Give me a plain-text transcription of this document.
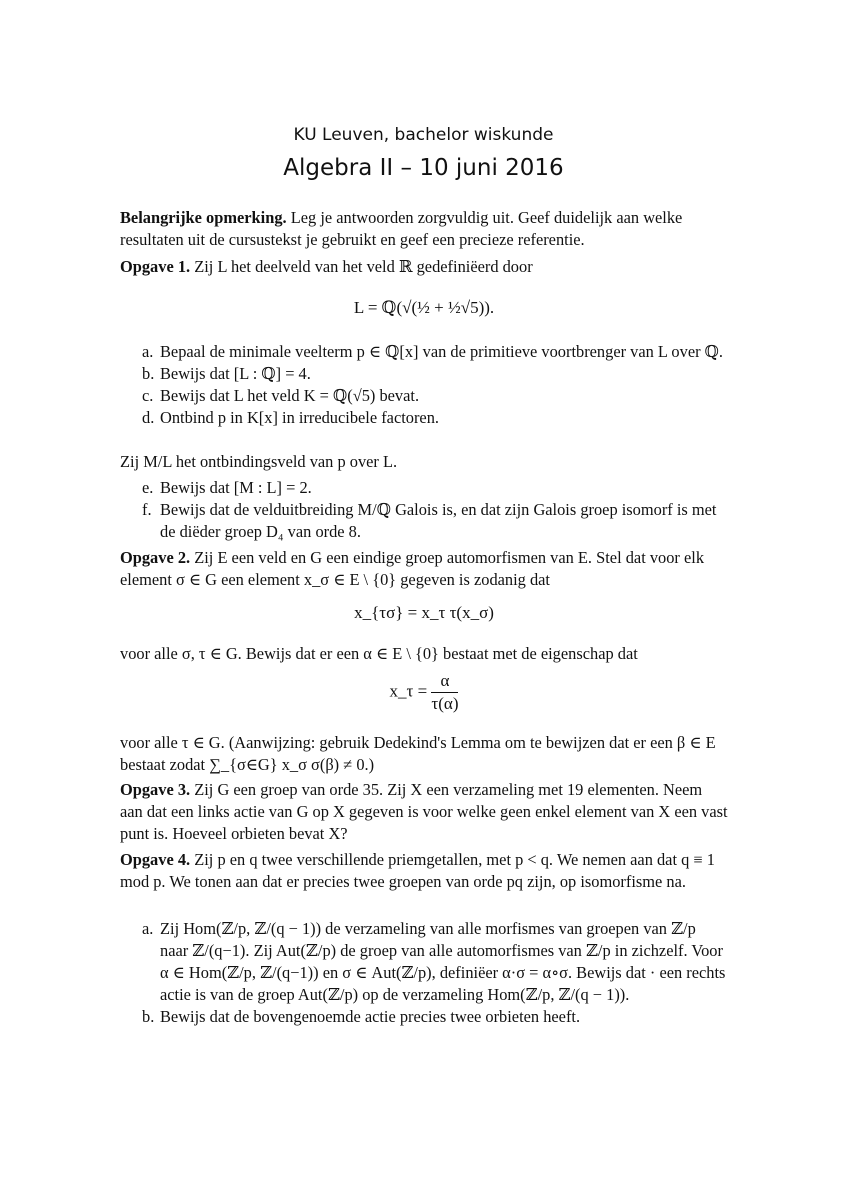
KU Leuven, bachelor wiskunde
Algebra II – 10 juni 2016

Belangrijke opmerking. Leg je antwoorden zorgvuldig uit. Geef duidelijk aan welke resultaten uit de cursustekst je gebruikt en geef een precieze referentie.

Opgave 1. Zij L het deelveld van het veld ℝ gedefiniëerd door

L = ℚ(√(½ + ½√5)).
a. Bepaal de minimale veelterm p ∈ ℚ[x] van de primitieve voortbrenger van L over ℚ.
b. Bewijs dat [L : ℚ] = 4.
c. Bewijs dat L het veld K = ℚ(√5) bevat.
d. Ontbind p in K[x] in irreducibele factoren.
Zij M/L het ontbindingsveld van p over L.
e. Bewijs dat [M : L] = 2.
f. Bewijs dat de velduitbreiding M/ℚ Galois is, en dat zijn Galois groep isomorf is met de diëder groep D₄ van orde 8.

Opgave 2. Zij E een veld en G een eindige groep automorfismen van E. Stel dat voor elk element σ ∈ G een element x_σ ∈ E \ {0} gegeven is zodanig dat

x_{τσ} = x_τ τ(x_σ)
voor alle σ, τ ∈ G. Bewijs dat er een α ∈ E \ {0} bestaat met de eigenschap dat
x_τ = $\frac{\alpha}{\tau(\alpha)}$
voor alle τ ∈ G. (Aanwijzing: gebruik Dedekind's Lemma om te bewijzen dat er een β ∈ E bestaat zodat ∑_{σ∈G} x_σ σ(β) ≠ 0.)

Opgave 3. Zij G een groep van orde 35. Zij X een verzameling met 19 elementen. Neem aan dat een links actie van G op X gegeven is voor welke geen enkel element van X een vast punt is. Hoeveel orbieten bevat X?

Opgave 4. Zij p en q twee verschillende priemgetallen, met p < q. We nemen aan dat q ≡ 1 mod p. We tonen aan dat er precies twee groepen van orde pq zijn, op isomorfisme na.

a. Zij Hom(ℤ/p, ℤ/(q − 1)) de verzameling van alle morfismes van groepen van ℤ/p naar ℤ/(q−1). Zij Aut(ℤ/p) de groep van alle automorfismes van ℤ/p in zichzelf. Voor α ∈ Hom(ℤ/p, ℤ/(q−1)) en σ ∈ Aut(ℤ/p), definiëer α·σ = α∘σ. Bewijs dat · een rechts actie is van de groep Aut(ℤ/p) op de verzameling Hom(ℤ/p, ℤ/(q − 1)).
b. Bewijs dat de bovengenoemde actie precies twee orbieten heeft.
